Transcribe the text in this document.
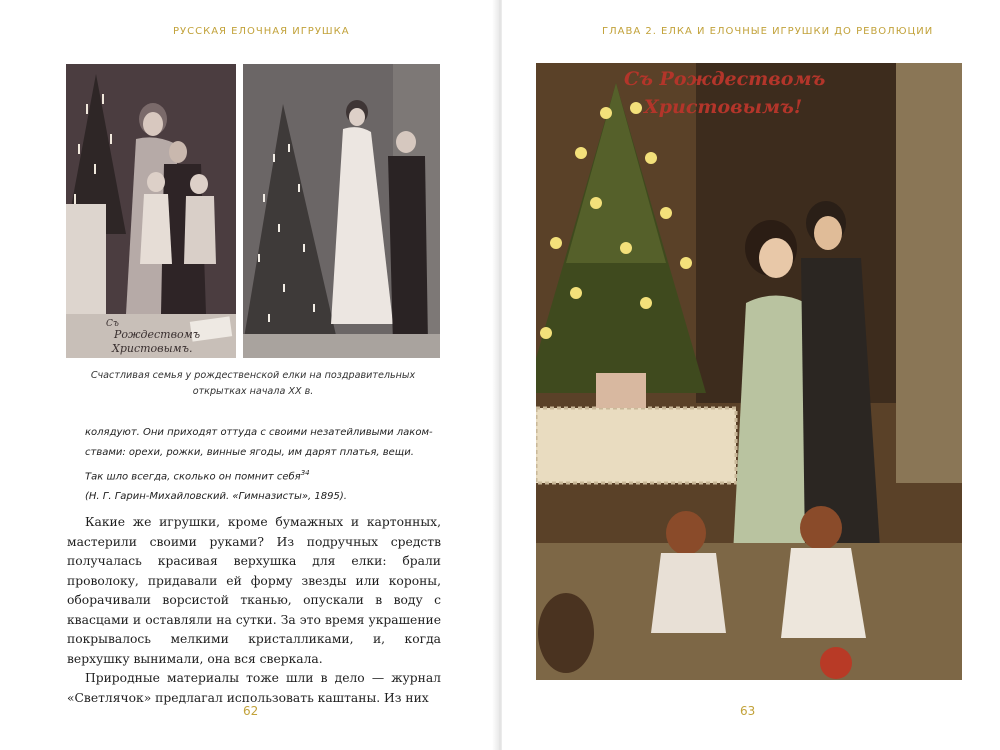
РУССКАЯ ЕЛОЧНАЯ ИГРУШКА
Съ
Рождествомъ
Христовымъ.
Счастливая семья у рождественской елки на поздравительных открытках начала XX в.

колядуют. Они приходят оттуда с своими незатейливыми лаком-

ствами: орехи, рожки, винные ягоды, им дарят платья, вещи.

Так шло всегда, сколько он помнит себя$^{34}$

(Н. Г. Гарин-Михайловский. «Гимназисты», 1895).

Какие же игрушки, кроме бумажных и картонных, мастерили своими руками? Из подручных средств получалась красивая верхушка для елки: брали проволоку, придавали ей форму звезды или короны, оборачивали ворсистой тканью, опускали в воду с квасцами и оставляли на сутки. За это время украшение покрывалось мелкими кристалликами, и, когда верхушку вынимали, она вся сверкала.

Природные материалы тоже шли в дело — журнал «Светлячок» предлагал использовать каштаны. Из них

62
ГЛАВА 2. ЕЛКА И ЕЛОЧНЫЕ ИГРУШКИ ДО РЕВОЛЮЦИИ
Съ Рождествомъ
Христовымъ!
63
